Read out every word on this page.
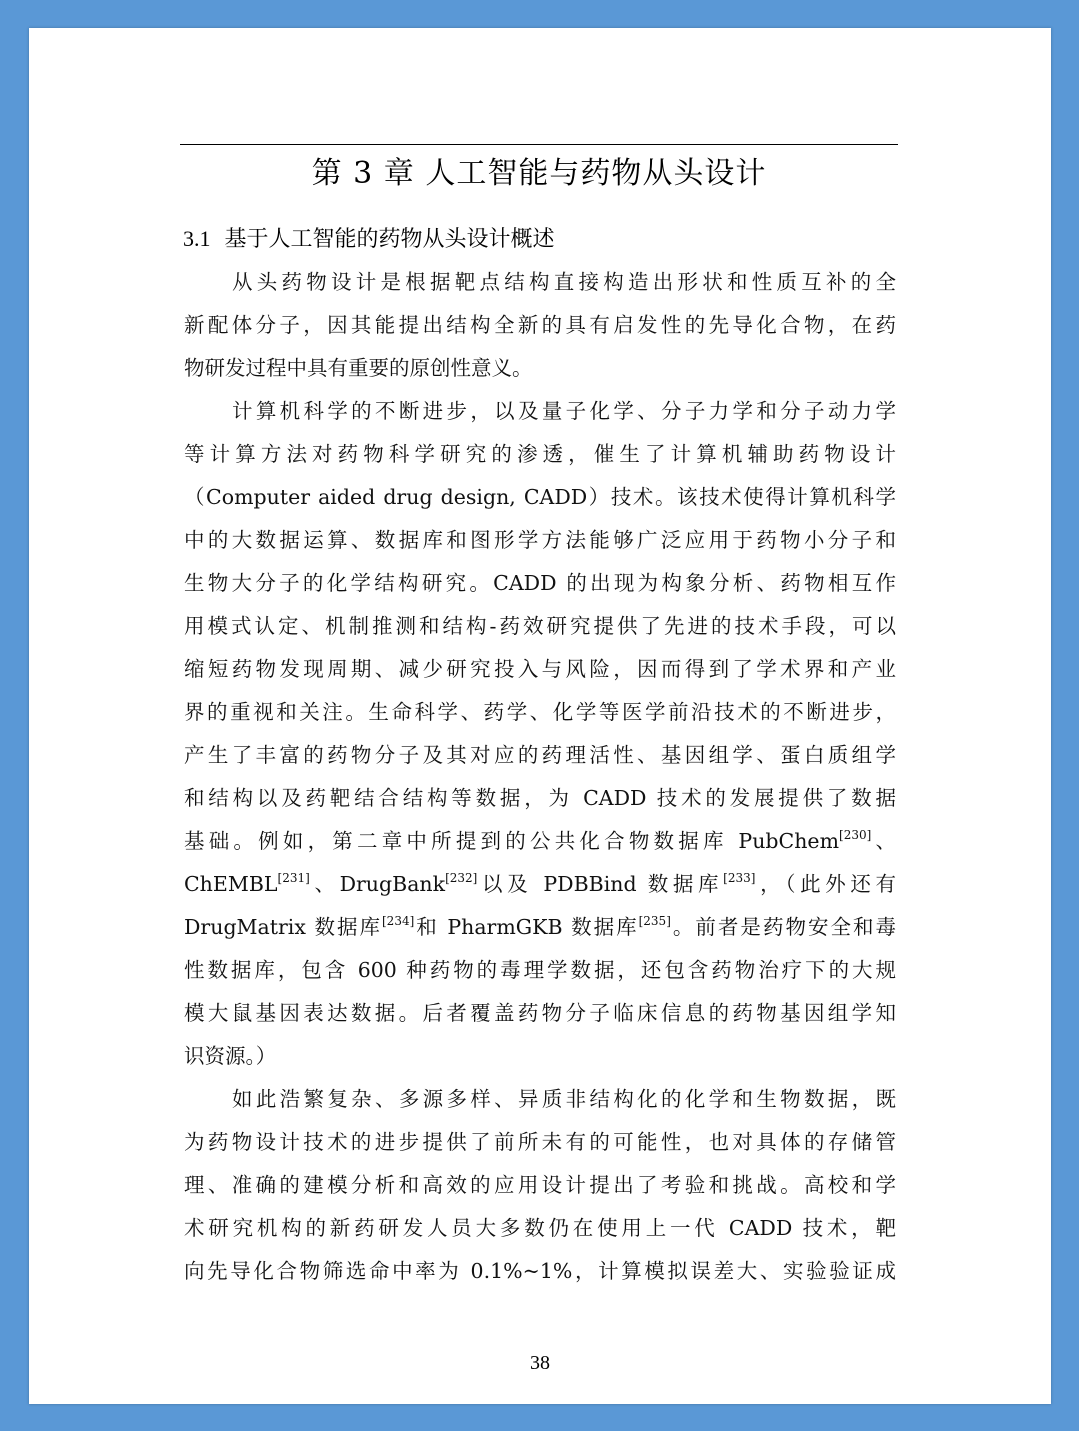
第 3 章 人工智能与药物从头设计
3.1 基于人工智能的药物从头设计概述
从头药物设计是根据靶点结构直接构造出形状和性质互补的全
新配体分子，因其能提出结构全新的具有启发性的先导化合物，在药
物研发过程中具有重要的原创性意义。
计算机科学的不断进步，以及量子化学、分子力学和分子动力学
等计算方法对药物科学研究的渗透，催生了计算机辅助药物设计
（Computer aided drug design, CADD）技术。该技术使得计算机科学
中的大数据运算、数据库和图形学方法能够广泛应用于药物小分子和
生物大分子的化学结构研究。CADD 的出现为构象分析、药物相互作
用模式认定、机制推测和结构-药效研究提供了先进的技术手段，可以
缩短药物发现周期、减少研究投入与风险，因而得到了学术界和产业
界的重视和关注。生命科学、药学、化学等医学前沿技术的不断进步，
产生了丰富的药物分子及其对应的药理活性、基因组学、蛋白质组学
和结构以及药靶结合结构等数据，为 CADD 技术的发展提供了数据
基础。例如，第二章中所提到的公共化合物数据库 PubChem[230]、
ChEMBL[231]、DrugBank[232]以及 PDBBind 数据库[233]，（此外还有
DrugMatrix 数据库[234]和 PharmGKB 数据库[235]。前者是药物安全和毒
性数据库，包含 600 种药物的毒理学数据，还包含药物治疗下的大规
模大鼠基因表达数据。后者覆盖药物分子临床信息的药物基因组学知
识资源。）
如此浩繁复杂、多源多样、异质非结构化的化学和生物数据，既
为药物设计技术的进步提供了前所未有的可能性，也对具体的存储管
理、准确的建模分析和高效的应用设计提出了考验和挑战。高校和学
术研究机构的新药研发人员大多数仍在使用上一代 CADD 技术，靶
向先导化合物筛选命中率为 0.1%~1%，计算模拟误差大、实验验证成
38
